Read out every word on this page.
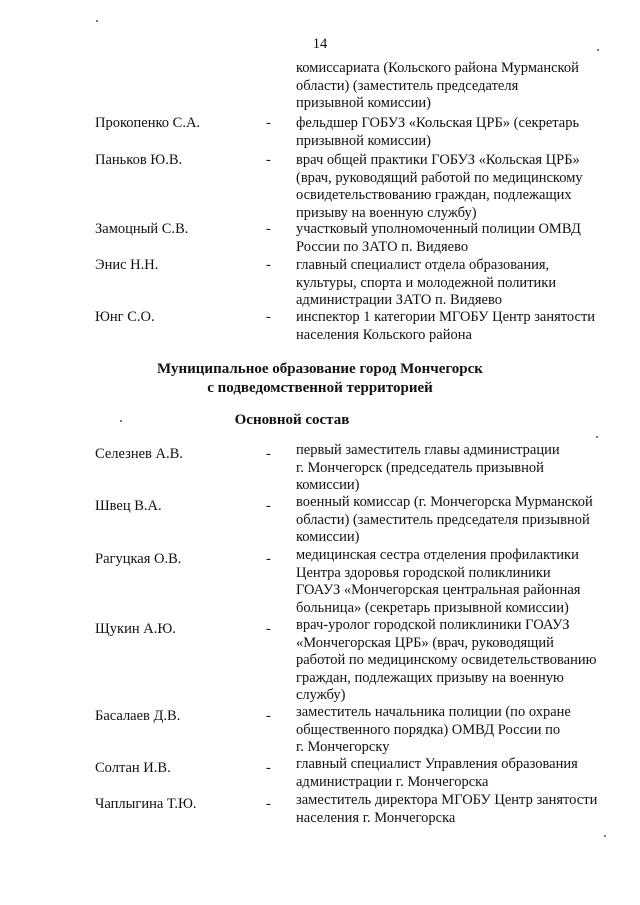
14
комиссариата (Кольского района Мурманской
области) (заместитель председателя
призывной комиссии)
Прокопенко С.А.	- фельдшер ГОБУЗ «Кольская ЦРБ» (секретарь
призывной комиссии)
Паньков Ю.В.	- врач общей практики ГОБУЗ «Кольская ЦРБ»
(врач, руководящий работой по медицинскому
освидетельствованию граждан, подлежащих
призыву на военную службу)
Замоцный С.В.	- участковый уполномоченный полиции ОМВД
России по ЗАТО п. Видяево
Энис Н.Н.	- главный специалист отдела образования,
культуры, спорта и молодежной политики
администрации ЗАТО п. Видяево
Юнг С.О.	- инспектор 1 категории МГОБУ Центр занятости
населения Кольского района
Муниципальное образование город Мончегорск
с подведомственной территорией
Основной состав
Селезнев А.В.	- первый заместитель главы администрации
г. Мончегорск (председатель призывной
комиссии)
Швец В.А.	- военный комиссар (г. Мончегорска Мурманской
области) (заместитель председателя призывной
комиссии)
Рагуцкая О.В.	- медицинская сестра отделения профилактики
Центра здоровья городской поликлиники
ГОАУЗ «Мончегорская центральная районная
больница» (секретарь призывной комиссии)
Щукин А.Ю.	- врач-уролог городской поликлиники ГОАУЗ
«Мончегорская ЦРБ» (врач, руководящий
работой по медицинскому освидетельствованию
граждан, подлежащих призыву на военную
службу)
Басалаев Д.В.	- заместитель начальника полиции (по охране
общественного порядка) ОМВД России по
г. Мончегорску
Солтан И.В.	- главный специалист Управления образования
администрации г. Мончегорска
Чаплыгина Т.Ю.	- заместитель директора МГОБУ Центр занятости
населения г. Мончегорска
